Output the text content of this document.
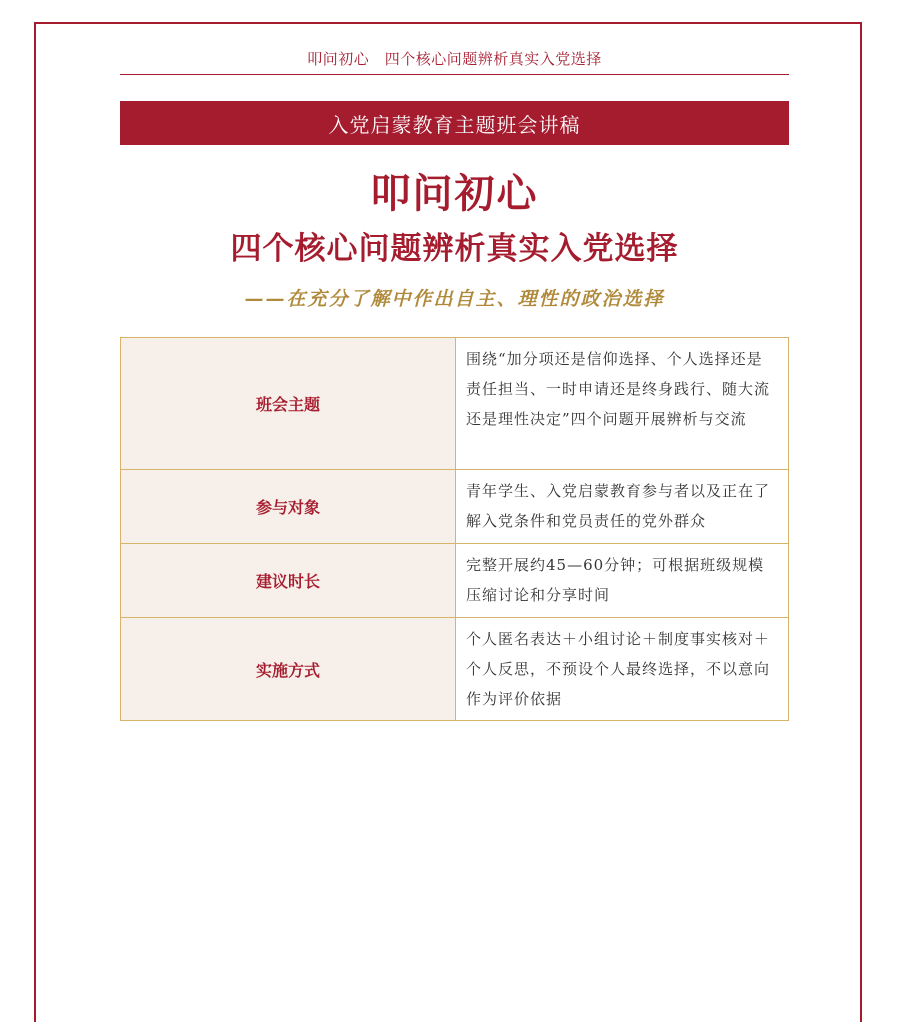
叩问初心　四个核心问题辨析真实入党选择
入党启蒙教育主题班会讲稿
叩问初心
四个核心问题辨析真实入党选择
——在充分了解中作出自主、理性的政治选择
班会主题	围绕“加分项还是信仰选择、个人选择还是责任担当、一时申请还是终身践行、随大流还是理性决定”四个问题开展辨析与交流
参与对象	青年学生、入党启蒙教育参与者以及正在了解入党条件和党员责任的党外群众
建议时长	完整开展约45—60分钟；可根据班级规模压缩讨论和分享时间
实施方式	个人匿名表达＋小组讨论＋制度事实核对＋个人反思，不预设个人最终选择，不以意向作为评价依据
